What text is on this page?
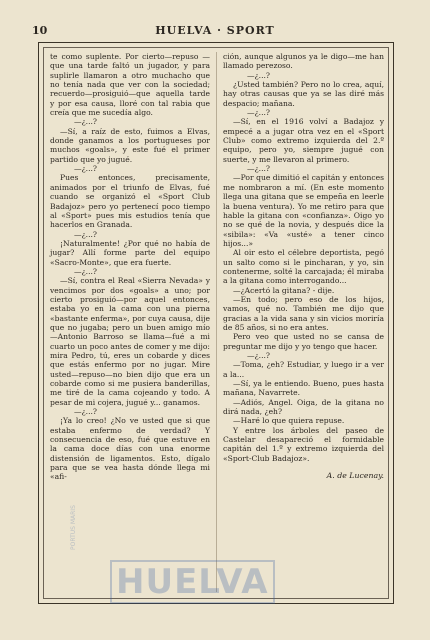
10	HUELVA · SPORT

te como suplente. Por cierto—repuso —que una tarde faltó un jugador, y para suplirle llamaron a otro muchacho que no tenía nada que ver con la sociedad; recuerdo—prosiguió—que aquella tarde y por esa causa, lloré con tal rabia que creía que me sucedía algo.

—¿...?

—Sí, a raíz de esto, fuimos a Elvas, donde ganamos a los portugueses por muchos «goals», y este fué el primer partido que yo jugué.

—¿...?

Pues entonces, precisamente, animados por el triunfo de Elvas, fué cuando se organizó el «Sport Club Badajoz» pero yo pertenecí poco tiempo al «Sport» pues mis estudios tenía que hacerlos en Granada.

—¿...?

¡Naturalmente! ¿Por qué no había de jugar? Allí forme parte del equipo «Sacro-Monte», que era fuerte.

—¿...?

—Sí, contra el Real «Sierra Nevada» y vencimos por dos «goals» a uno; por cierto prosiguió—por aquel entonces, estaba yo en la cama con una pierna «bastante enferma», por cuya causa, dije que no jugaba; pero un buen amigo mío—Antonio Barroso se llama—fué a mi cuarto un poco antes de comer y me dijo: mira Pedro, tú, eres un cobarde y dices que estás enfermo por no jugar. Mire usted—repuso—no bien dijo que era un cobarde como si me pusiera banderillas, me tiré de la cama cojeando y todo. A pesar de mi cojera, jugué y... ganamos.

—¿...?

¡Ya lo creo! ¿No ve usted que si que estaba enfermo de verdad? Y consecuencia de eso, fué que estuve en la cama doce días con una enorme distensión de ligamentos. Esto, dígalo para que se vea hasta dónde llega mi «afi-

ción, aunque algunos ya le digo—me han llamado perezoso.

—¿...?

¿Usted también? Pero no lo crea, aquí, hay otras causas que ya se las diré más despacio; mañana.

—¿...?

—Sí, en el 1916 volví a Badajoz y empecé a a jugar otra vez en el «Sport Club» como extremo izquierda del 2.º equipo, pero yo, siempre jugué con suerte, y me llevaron al primero.

—¿...?

—Por que dimitió el capitán y entonces me nombraron a mí. (En este momento llega una gitana que se empeña en leerle la buena ventura). Yo me retiro para que hable la gitana con «confianza». Oigo yo no se qué de la novia, y después dice la «sibila»: «Va «usté» a tener cinco hijos...»

Al oir esto el célebre deportista, pegó un salto como si le pincharan, y yo, sin contenerme, solté la carcajada; él miraba a la gitana como interrogando...

—¿Acertó la gitana? - dije.

—En todo; pero eso de los hijos, vamos, qué no. También me dijo que gracias a la vida sana y sin vicios moriría de 85 años, si no era antes.

Pero veo que usted no se cansa de preguntar me dijo y yo tengo que hacer.

—¿...?

—Toma, ¿eh? Estudiar, y luego ir a ver a la...

—Sí, ya le entiendo. Bueno, pues hasta mañana, Navarrete.

—Adiós, Angel. Oiga, de la gitana no dirá nada, ¿eh?

—Haré lo que quiera repuse.

Y entre los árboles del paseo de Castelar desapareció el formidable capitán del 1.º y extremo izquierda del «Sport-Club Badajoz».

A. de Lucenay.

PORTUS MARIS
HUELVA
